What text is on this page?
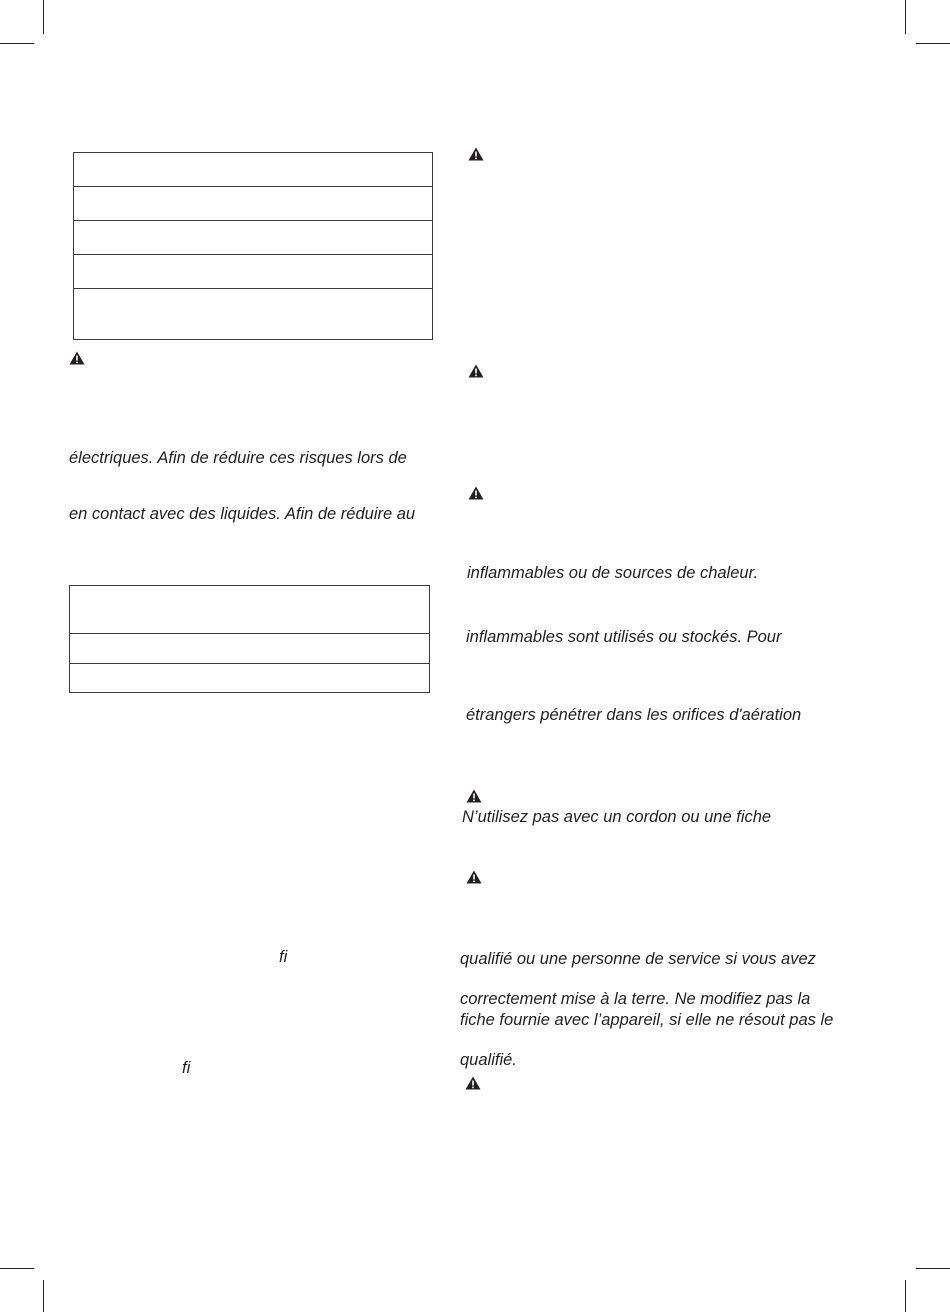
électriques. Afin de réduire ces risques lors de
en contact avec des liquides. Afin de réduire au
fi
fi
inflammables ou de sources de chaleur.
inflammables sont utilisés ou stockés. Pour
étrangers pénétrer dans les orifices d'aération
N’utilisez pas avec un cordon ou une fiche
qualifié ou une personne de service si vous avez
correctement mise à la terre. Ne modifiez pas la
fiche fournie avec l’appareil, si elle ne résout pas le
qualifié.
